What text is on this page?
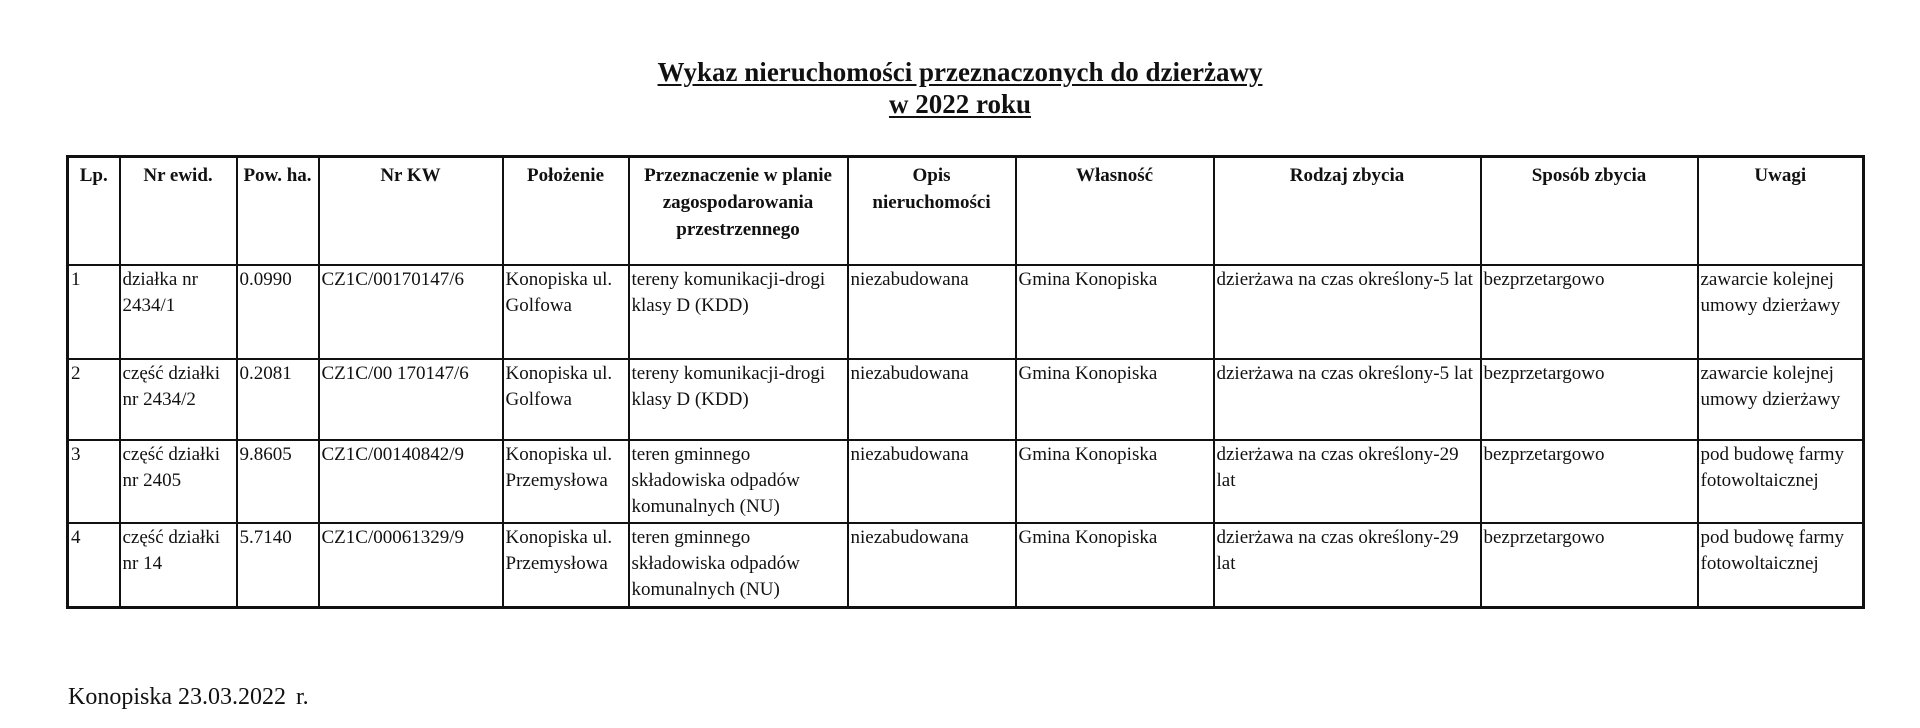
Wykaz nieruchomości przeznaczonych do dzierżawy
w 2022 roku
Lp.	Nr ewid.	Pow. ha.	Nr KW	Położenie	Przeznaczenie w planie zagospodarowania przestrzennego	Opis nieruchomości	Własność	Rodzaj zbycia	Sposób zbycia	Uwagi
1	działka nr 2434/1	0.0990	CZ1C/00170147/6	Konopiska ul. Golfowa	tereny komunikacji-drogi klasy D (KDD)	niezabudowana	Gmina Konopiska	dzierżawa na czas określony-5 lat	bezprzetargowo	zawarcie kolejnej umowy dzierżawy
2	część działki nr 2434/2	0.2081	CZ1C/00 170147/6	Konopiska ul. Golfowa	tereny komunikacji-drogi klasy D (KDD)	niezabudowana	Gmina Konopiska	dzierżawa na czas określony-5 lat	bezprzetargowo	zawarcie kolejnej umowy dzierżawy
3	część działki nr 2405	9.8605	CZ1C/00140842/9	Konopiska ul. Przemysłowa	teren gminnego składowiska odpadów komunalnych (NU)	niezabudowana	Gmina Konopiska	dzierżawa na czas określony-29 lat	bezprzetargowo	pod budowę farmy fotowoltaicznej
4	część działki nr 14	5.7140	CZ1C/00061329/9	Konopiska ul. Przemysłowa	teren gminnego składowiska odpadów komunalnych (NU)	niezabudowana	Gmina Konopiska	dzierżawa na czas określony-29 lat	bezprzetargowo	pod budowę farmy fotowoltaicznej
Konopiska 23.03.2022 r.
